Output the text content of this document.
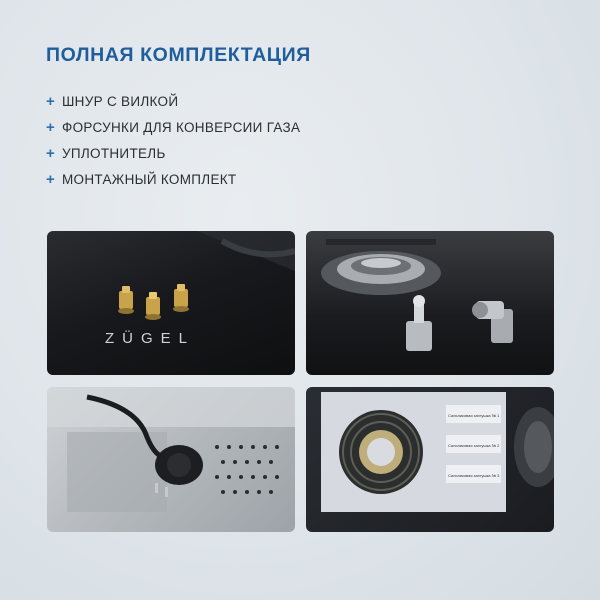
ПОЛНАЯ КОМПЛЕКТАЦИЯ
+ ШНУР С ВИЛКОЙ
+ ФОРСУНКИ ДЛЯ КОНВЕРСИИ ГАЗА
+ УПЛОТНИТЕЛЬ
+ МОНТАЖНЫЙ КОМПЛЕКТ
ZÜGEL
Сальниковая заглушка № 1
Сальниковая заглушка № 2
Сальниковая заглушка № 3
